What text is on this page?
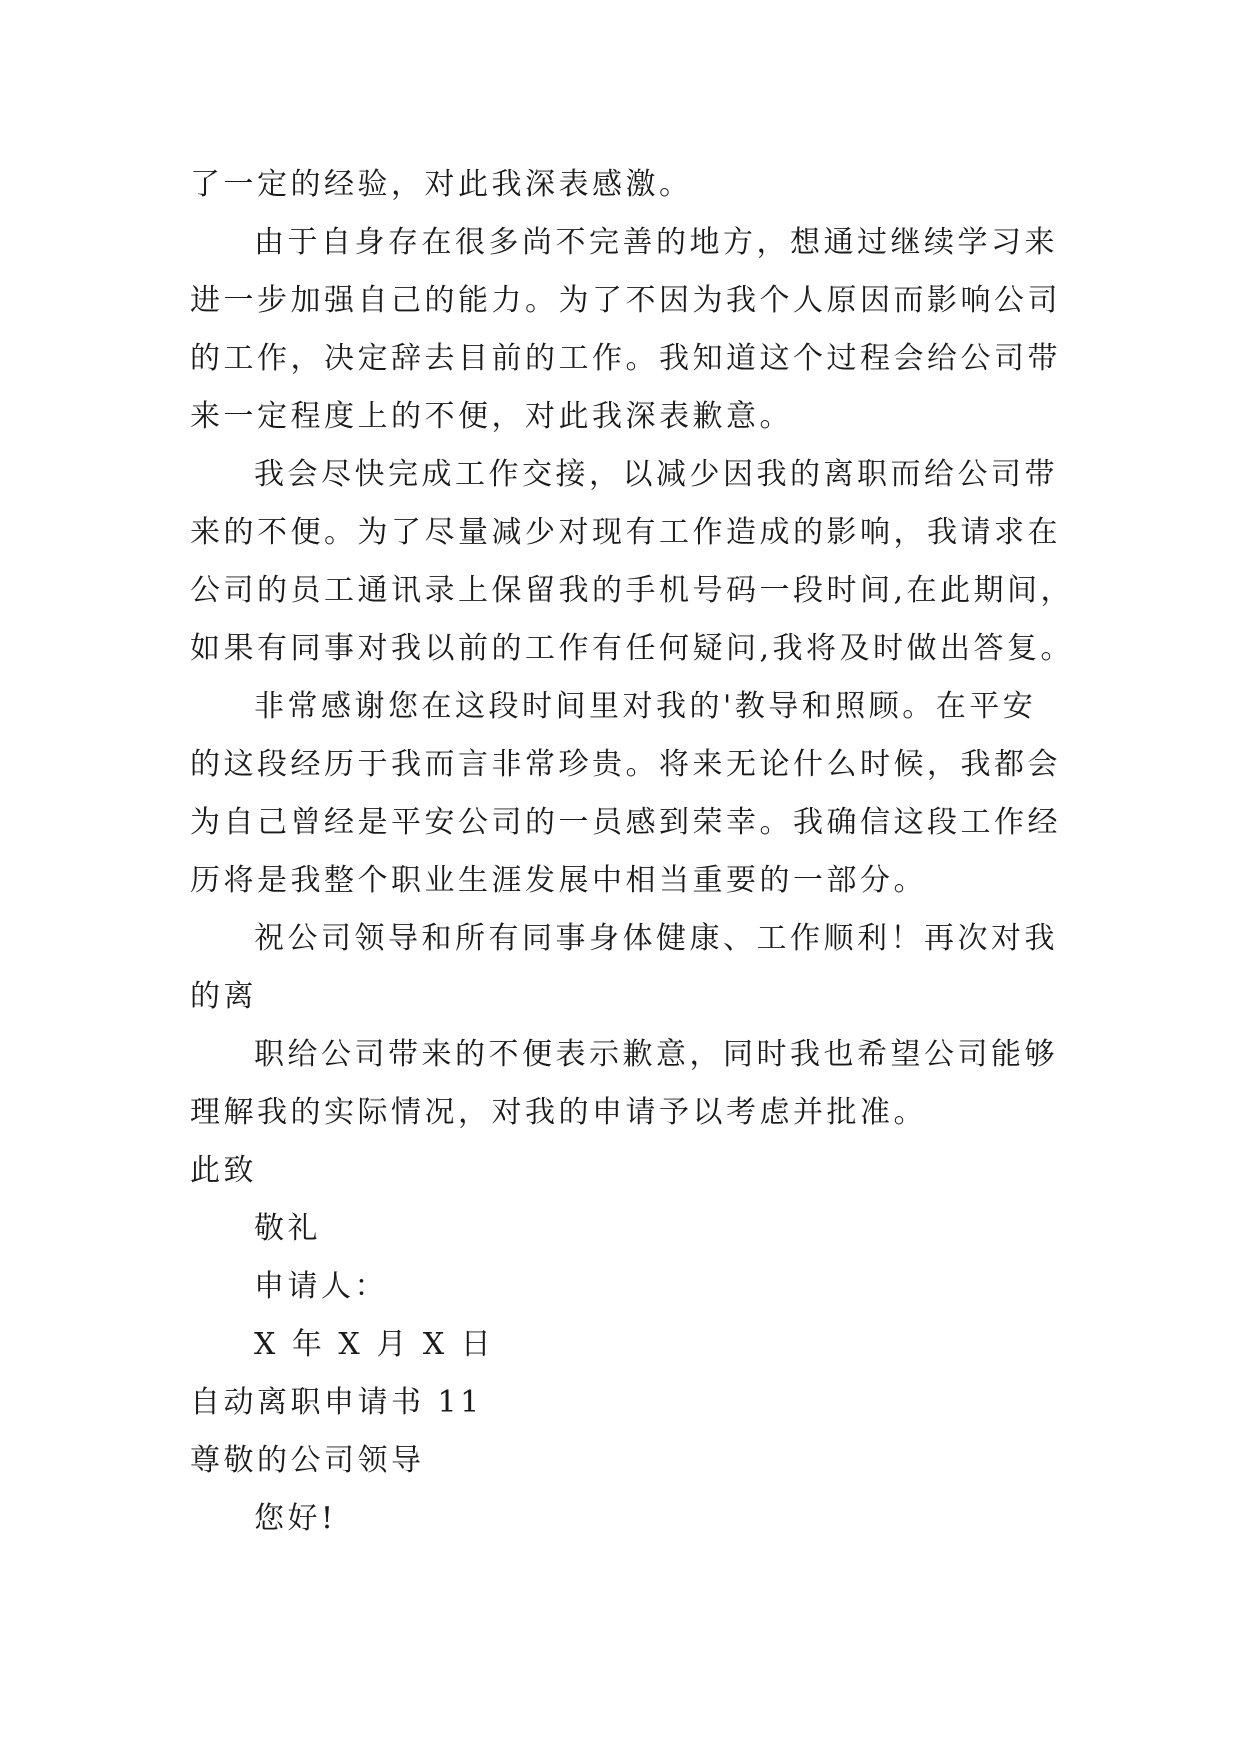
了一定的经验，对此我深表感激。
由于自身存在很多尚不完善的地方，想通过继续学习来
进一步加强自己的能力。为了不因为我个人原因而影响公司
的工作，决定辞去目前的工作。我知道这个过程会给公司带
来一定程度上的不便，对此我深表歉意。
我会尽快完成工作交接，以减少因我的离职而给公司带
来的不便。为了尽量减少对现有工作造成的影响，我请求在
公司的员工通讯录上保留我的手机号码一段时间,在此期间，
如果有同事对我以前的工作有任何疑问,我将及时做出答复。
非常感谢您在这段时间里对我的'教导和照顾。在平安
的这段经历于我而言非常珍贵。将来无论什么时候，我都会
为自己曾经是平安公司的一员感到荣幸。我确信这段工作经
历将是我整个职业生涯发展中相当重要的一部分。
祝公司领导和所有同事身体健康、工作顺利！再次对我
的离
职给公司带来的不便表示歉意，同时我也希望公司能够
理解我的实际情况，对我的申请予以考虑并批准。
此致
敬礼
申请人：
X 年 X 月 X 日
自动离职申请书 11
尊敬的公司领导
您好!
